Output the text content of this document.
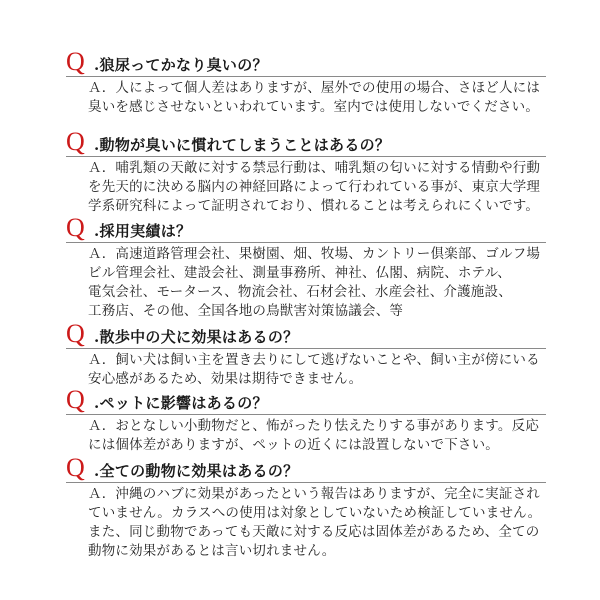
Q .狼尿ってかなり臭いの？
Ａ．人によって個人差はありますが、屋外での使用の場合、さほど人には
臭いを感じさせないといわれています。室内では使用しないでください。
Q .動物が臭いに慣れてしまうことはあるの？
Ａ．哺乳類の天敵に対する禁忌行動は、哺乳類の匂いに対する情動や行動
を先天的に決める脳内の神経回路によって行われている事が、東京大学理
学系研究科によって証明されており、慣れることは考えられにくいです。
Q .採用実績は？
Ａ．高速道路管理会社、果樹園、畑、牧場、カントリー倶楽部、ゴルフ場
ビル管理会社、建設会社、測量事務所、神社、仏閣、病院、ホテル、
電気会社、モータース、物流会社、石材会社、水産会社、介護施設、
工務店、その他、全国各地の鳥獣害対策協議会、等
Q .散歩中の犬に効果はあるの？
Ａ．飼い犬は飼い主を置き去りにして逃げないことや、飼い主が傍にいる
安心感があるため、効果は期待できません。
Q .ペットに影響はあるの？
Ａ．おとなしい小動物だと、怖がったり怯えたりする事があります。反応
には個体差がありますが、ペットの近くには設置しないで下さい。
Q .全ての動物に効果はあるの？
Ａ．沖縄のハブに効果があったという報告はありますが、完全に実証され
ていません。カラスへの使用は対象としていないため検証していません。
また、同じ動物であっても天敵に対する反応は固体差があるため、全ての
動物に効果があるとは言い切れません。
